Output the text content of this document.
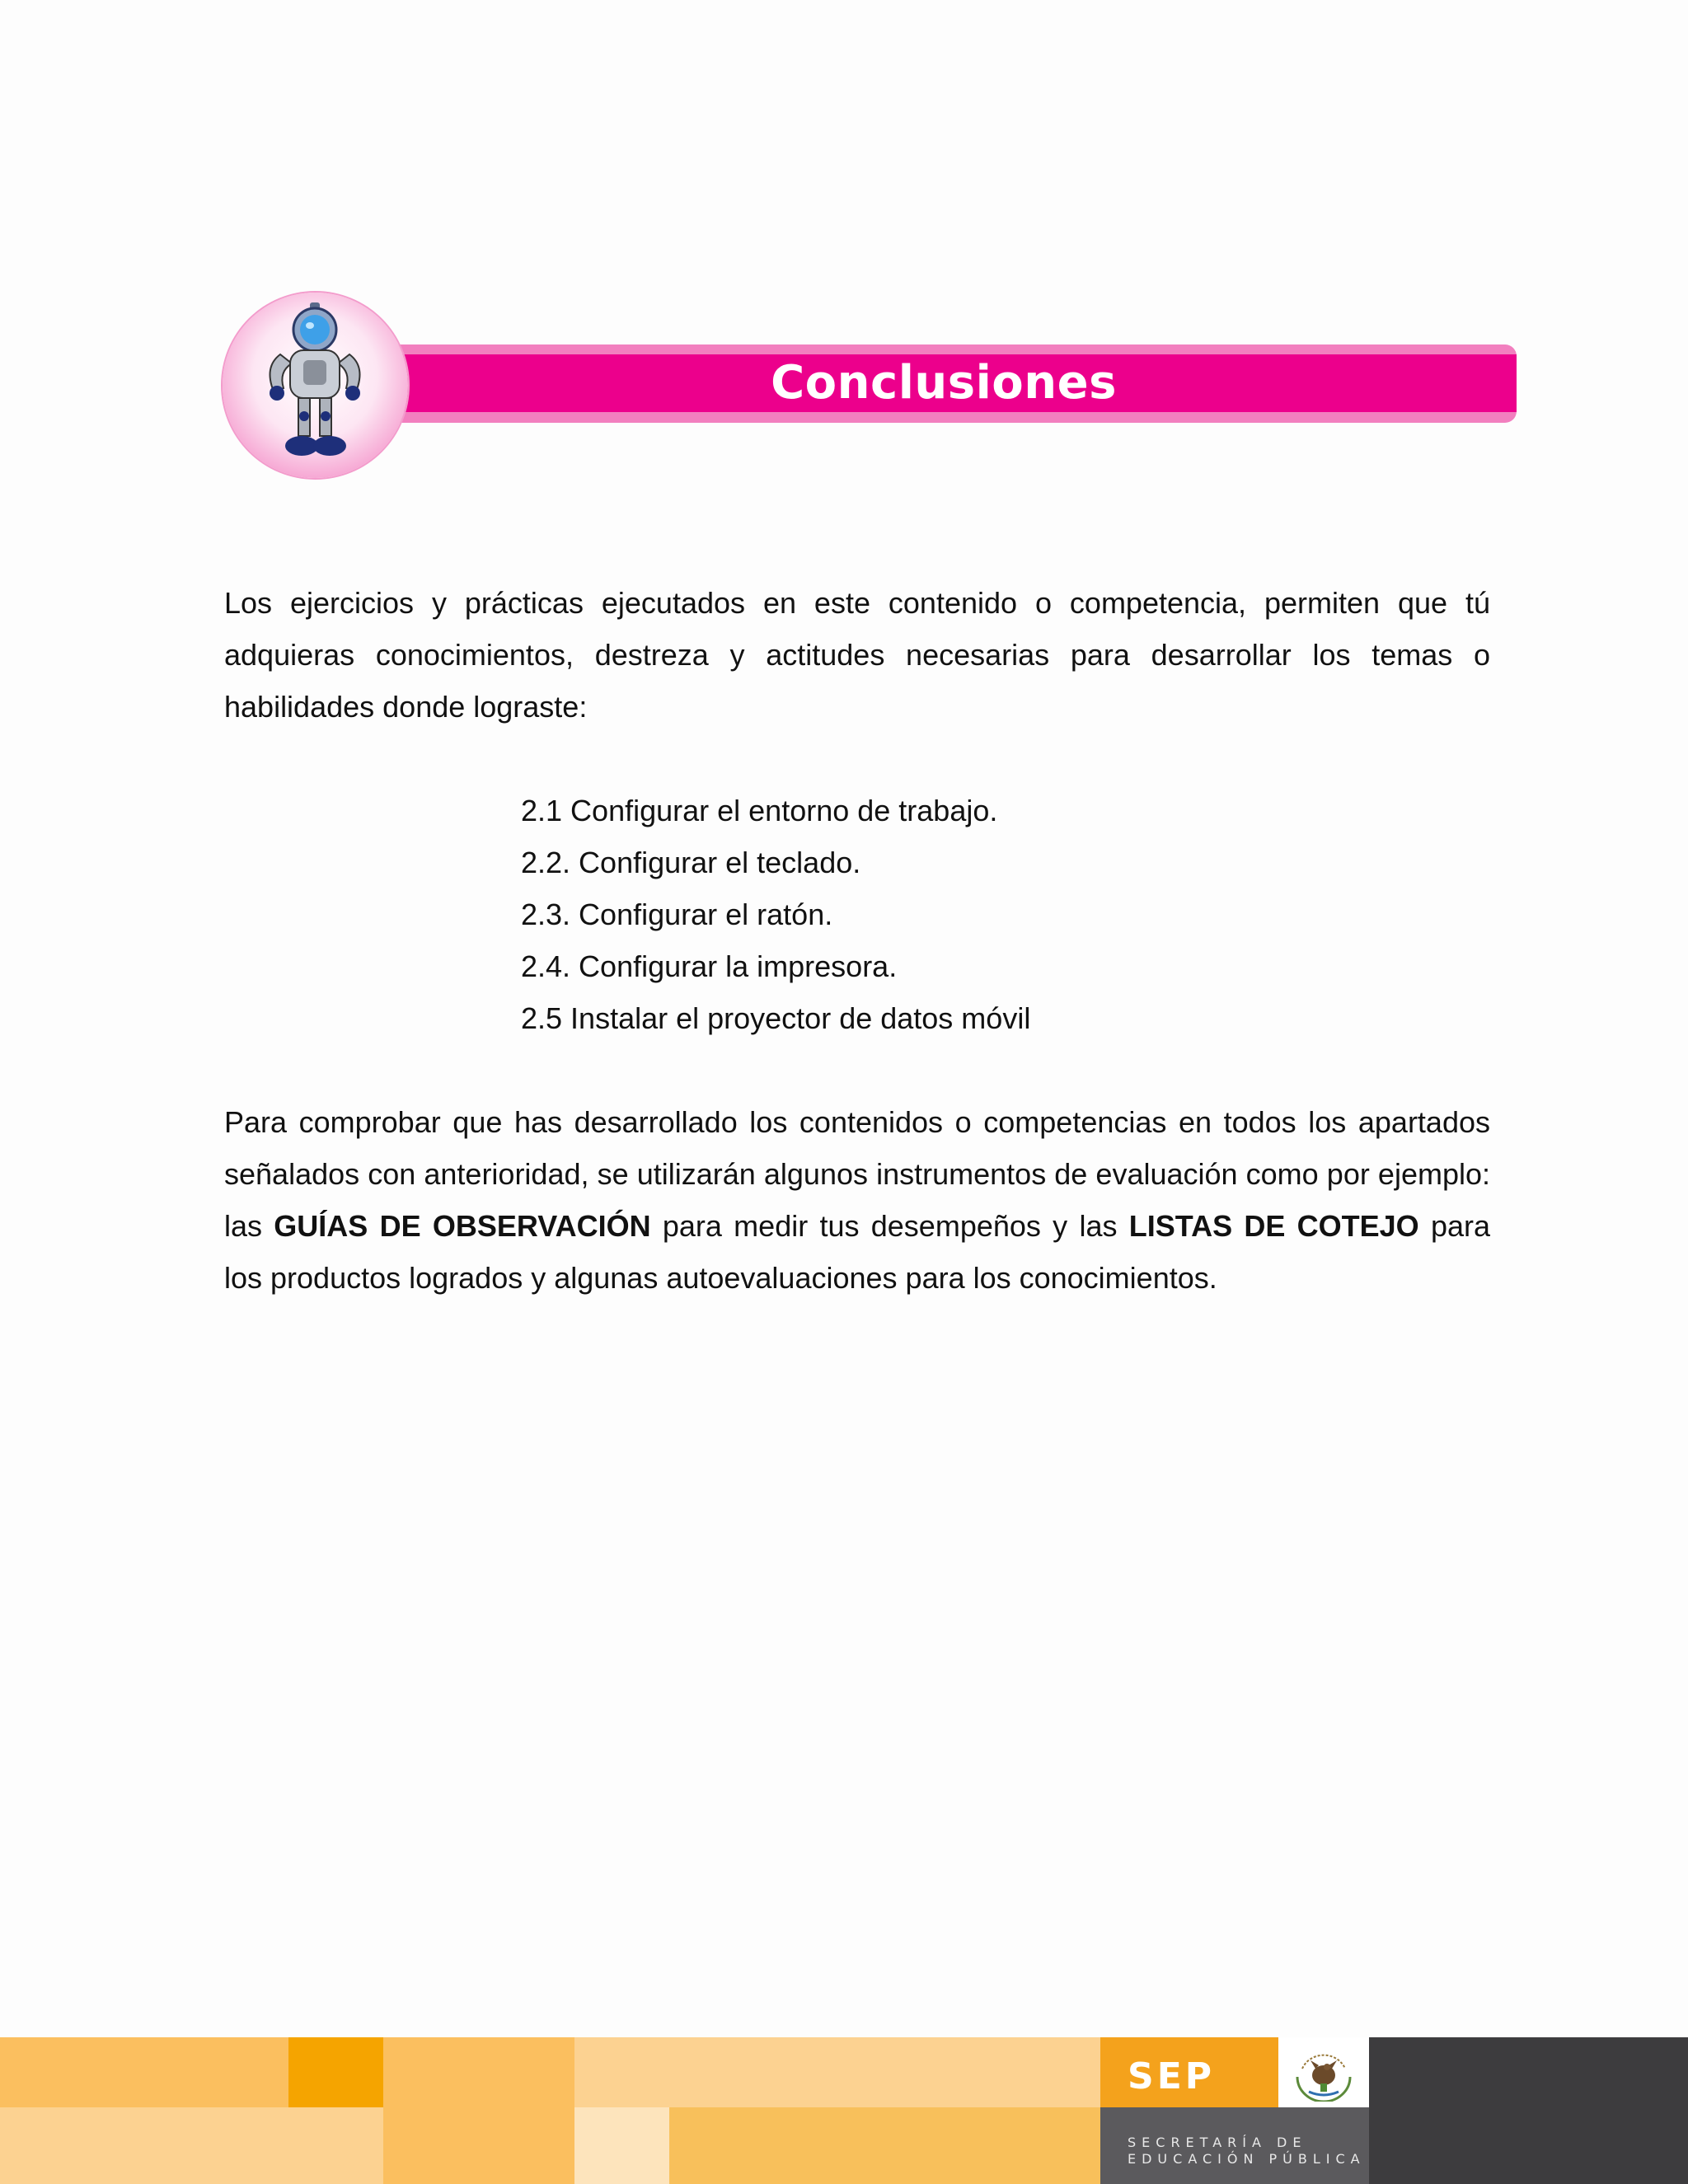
Conclusiones

Los ejercicios y prácticas ejecutados en este contenido o competencia, permiten que tú adquieras conocimientos, destreza y actitudes necesarias para desarrollar los temas o habilidades donde lograste:

2.1 Configurar el entorno de trabajo.
2.2. Configurar el teclado.
2.3. Configurar el ratón.
2.4. Configurar la impresora.
2.5 Instalar el proyector de datos móvil

Para comprobar que has desarrollado los contenidos o competencias en todos los apartados señalados con anterioridad, se utilizarán algunos instrumentos de evaluación como por ejemplo: las GUÍAS DE OBSERVACIÓN para medir tus desempeños y las LISTAS DE COTEJO para los productos logrados y algunas autoevaluaciones para los conocimientos.

SEP
SECRETARÍA DE
EDUCACIÓN PÚBLICA
